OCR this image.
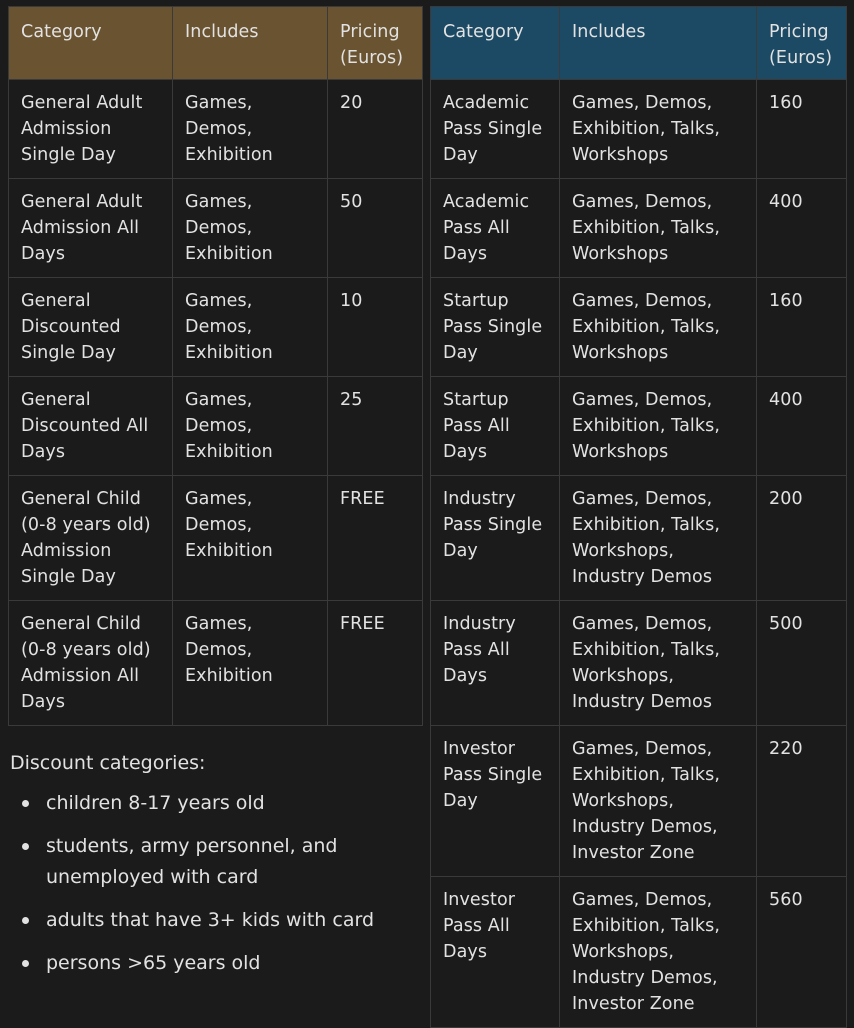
Category	Includes	Pricing (Euros)
General Adult Admission Single Day	Games, Demos, Exhibition	20
General Adult Admission All Days	Games, Demos, Exhibition	50
General Discounted Single Day	Games, Demos, Exhibition	10
General Discounted All Days	Games, Demos, Exhibition	25
General Child (0-8 years old) Admission Single Day	Games, Demos, Exhibition	FREE
General Child (0-8 years old) Admission All Days	Games, Demos, Exhibition	FREE
Category	Includes	Pricing (Euros)
Academic Pass Single Day	Games, Demos, Exhibition, Talks, Workshops	160
Academic Pass All Days	Games, Demos, Exhibition, Talks, Workshops	400
Startup Pass Single Day	Games, Demos, Exhibition, Talks, Workshops	160
Startup Pass All Days	Games, Demos, Exhibition, Talks, Workshops	400
Industry Pass Single Day	Games, Demos, Exhibition, Talks, Workshops, Industry Demos	200
Industry Pass All Days	Games, Demos, Exhibition, Talks, Workshops, Industry Demos	500
Investor Pass Single Day	Games, Demos, Exhibition, Talks, Workshops, Industry Demos, Investor Zone	220
Investor Pass All Days	Games, Demos, Exhibition, Talks, Workshops, Industry Demos, Investor Zone	560
Discount categories:
children 8-17 years old
students, army personnel, and unemployed with card
adults that have 3+ kids with card
persons >65 years old
